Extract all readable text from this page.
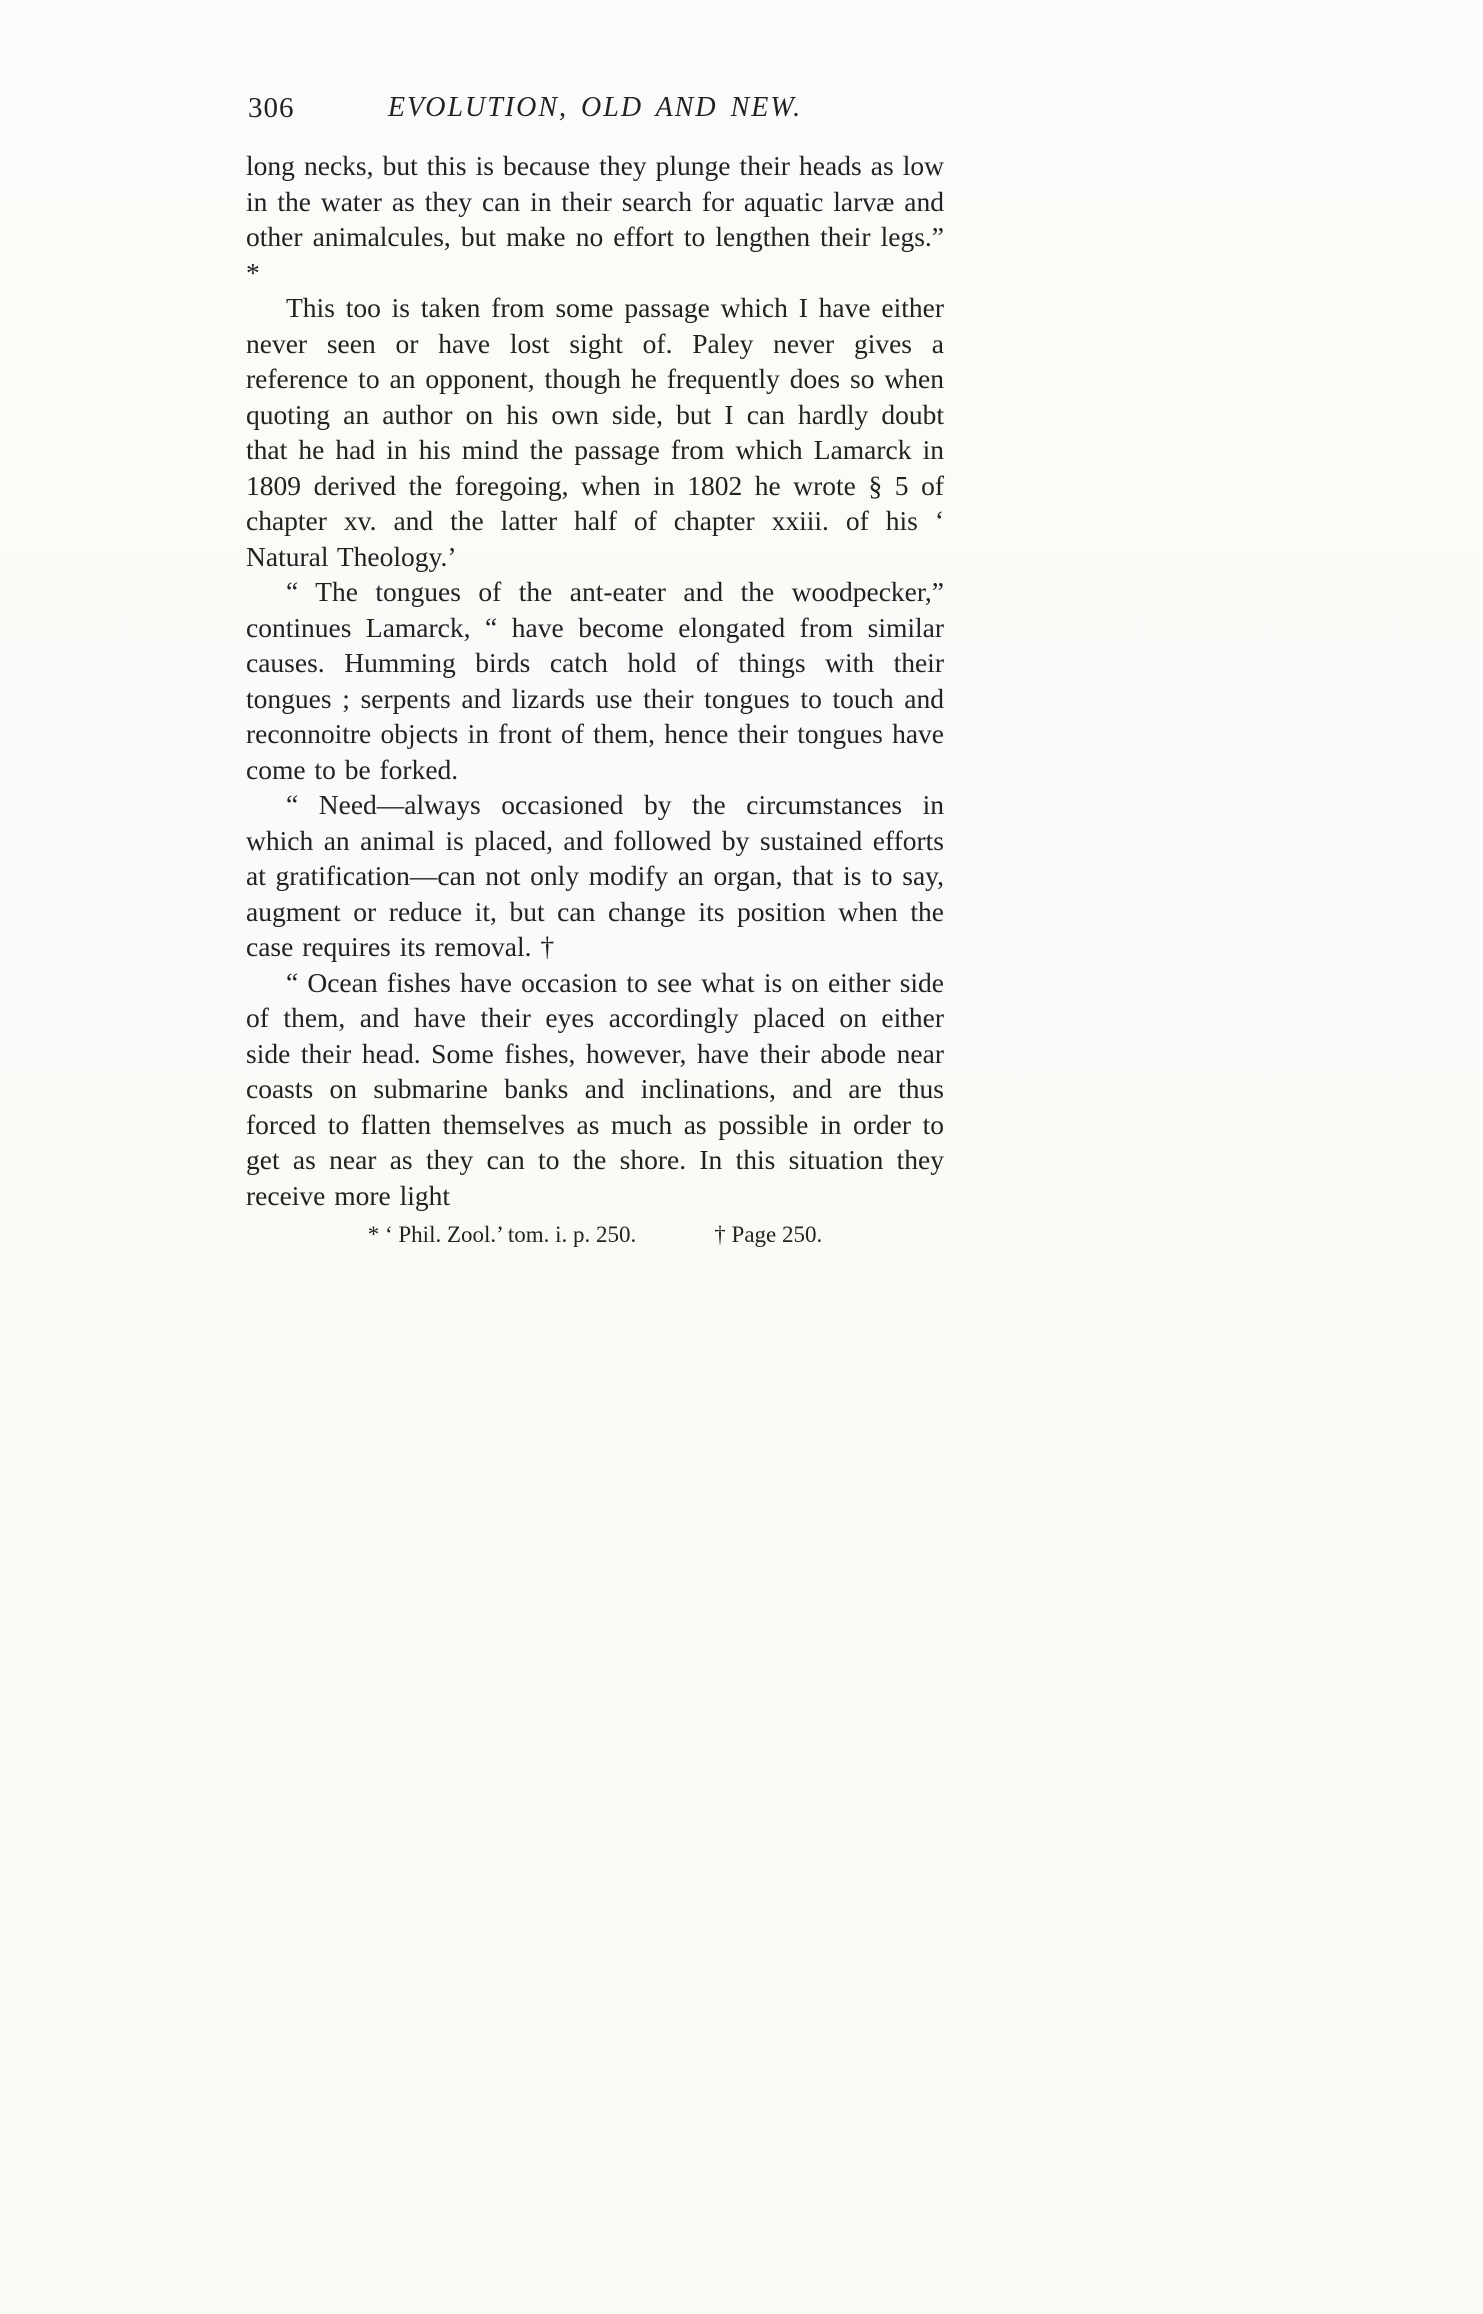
306	EVOLUTION, OLD AND NEW.

long necks, but this is because they plunge their heads as low in the water as they can in their search for aquatic larvæ and other animalcules, but make no effort to lengthen their legs.” *

This too is taken from some passage which I have either never seen or have lost sight of. Paley never gives a reference to an opponent, though he frequently does so when quoting an author on his own side, but I can hardly doubt that he had in his mind the passage from which Lamarck in 1809 derived the foregoing, when in 1802 he wrote § 5 of chapter xv. and the latter half of chapter xxiii. of his ‘ Natural Theology.’

“ The tongues of the ant-eater and the woodpecker,” continues Lamarck, “ have become elongated from similar causes. Humming birds catch hold of things with their tongues ; serpents and lizards use their tongues to touch and reconnoitre objects in front of them, hence their tongues have come to be forked.

“ Need—always occasioned by the circumstances in which an animal is placed, and followed by sustained efforts at gratification—can not only modify an organ, that is to say, augment or reduce it, but can change its position when the case requires its removal. †

“ Ocean fishes have occasion to see what is on either side of them, and have their eyes accordingly placed on either side their head. Some fishes, however, have their abode near coasts on submarine banks and inclinations, and are thus forced to flatten themselves as much as possible in order to get as near as they can to the shore. In this situation they receive more light

* ‘ Phil. Zool.’ tom. i. p. 250.	† Page 250.
